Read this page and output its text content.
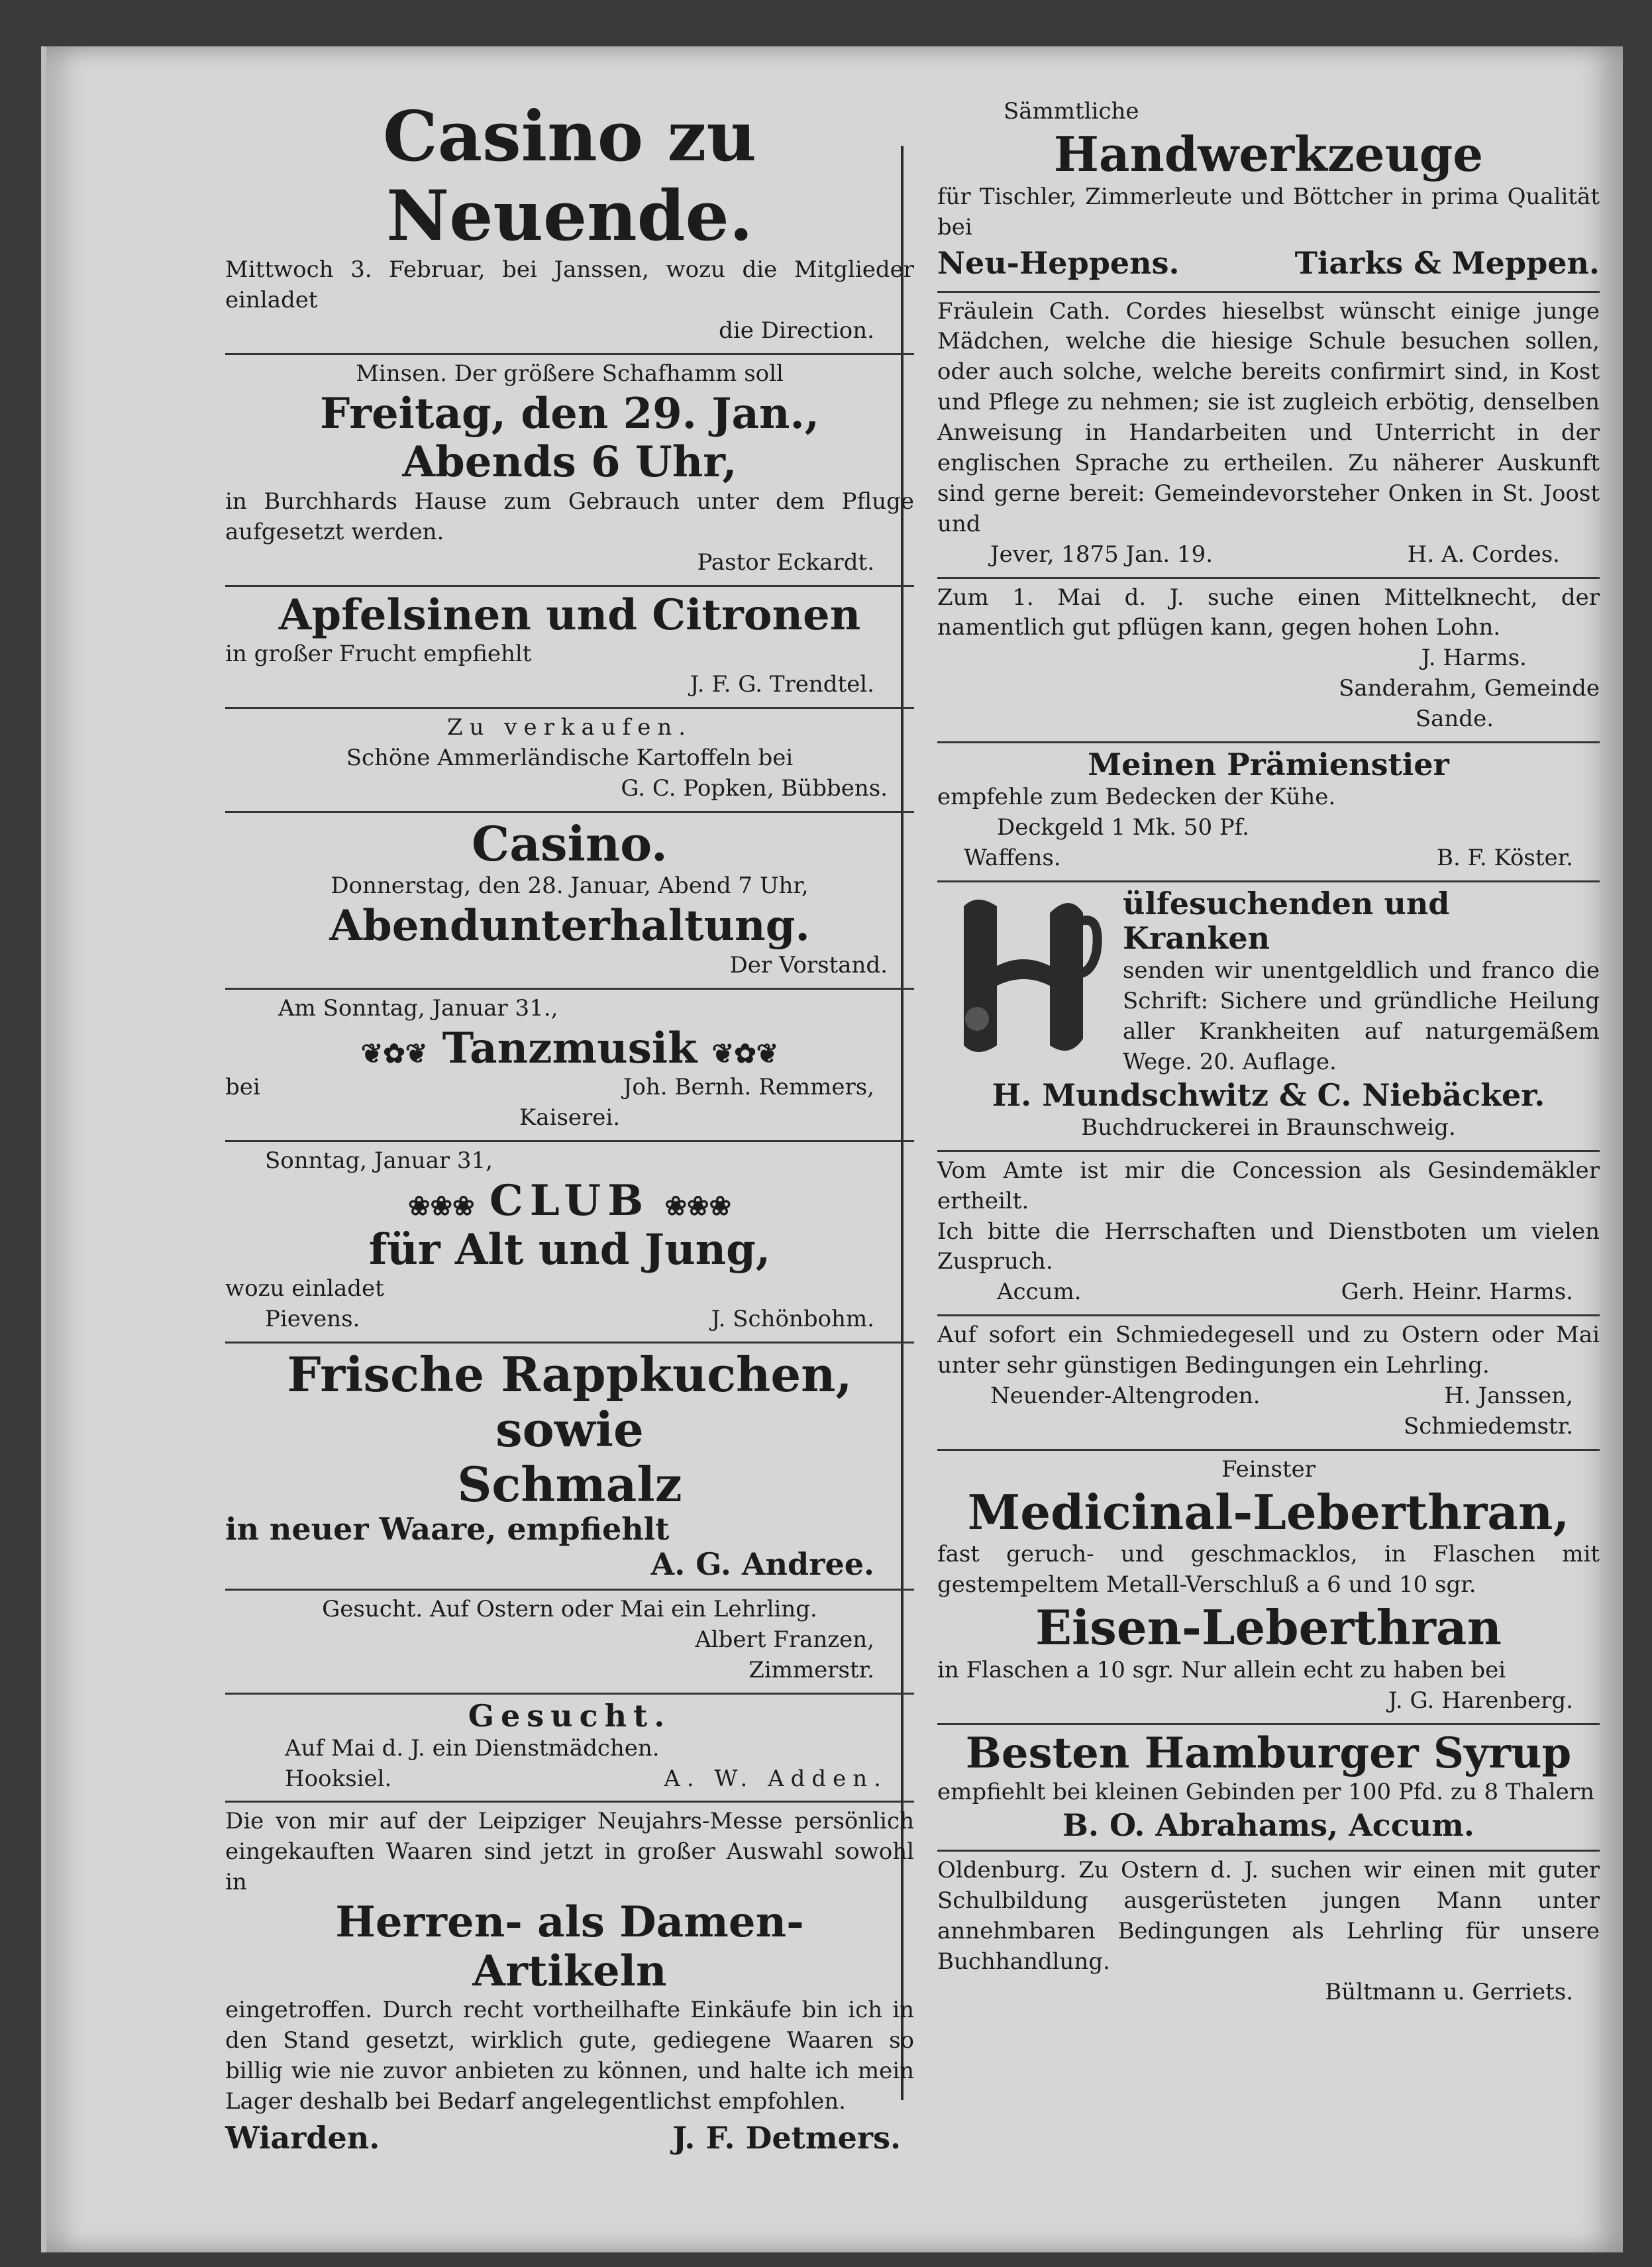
Casino zu Neuende.
Mittwoch 3. Februar, bei Janssen, wozu die Mitglieder einladet
die Direction.
Minsen. Der größere Schafhamm soll
Freitag, den 29. Jan.,
Abends 6 Uhr,
in Burchhards Hause zum Gebrauch unter dem Pfluge aufgesetzt werden.
Pastor Eckardt.
Apfelsinen und Citronen
in großer Frucht empfiehlt
J. F. G. Trendtel.
Zu verkaufen.
Schöne Ammerländische Kartoffeln bei
G. C. Popken, Bübbens.
Casino.
Donnerstag, den 28. Januar, Abend 7 Uhr,
Abendunterhaltung.
Der Vorstand.
Am Sonntag, Januar 31.,
❦✿❦ Tanzmusik ❦✿❦
bei	Joh. Bernh. Remmers,
Kaiserei.
Sonntag, Januar 31,
❀❀❀ CLUB ❀❀❀
für Alt und Jung,
wozu einladet
Pievens.	J. Schönbohm.
Frische Rappkuchen, sowie
Schmalz
in neuer Waare, empfiehlt
A. G. Andree.
Gesucht. Auf Ostern oder Mai ein Lehrling.
Albert Franzen,
Zimmerstr.
Gesucht.
Auf Mai d. J. ein Dienstmädchen.
Hooksiel.	A. W. Adden.
Die von mir auf der Leipziger Neujahrs-Messe persönlich eingekauften Waaren sind jetzt in großer Auswahl sowohl in
Herren- als Damen-
Artikeln
eingetroffen. Durch recht vortheilhafte Einkäufe bin ich in den Stand gesetzt, wirklich gute, gediegene Waaren so billig wie nie zuvor anbieten zu können, und halte ich mein Lager deshalb bei Bedarf angelegentlichst empfohlen.
Wiarden.	J. F. Detmers.
Sämmtliche
Handwerkzeuge
für Tischler, Zimmerleute und Böttcher in prima Qualität bei
Neu-Heppens.	Tiarks & Meppen.
Fräulein Cath. Cordes hieselbst wünscht einige junge Mädchen, welche die hiesige Schule besuchen sollen, oder auch solche, welche bereits confirmirt sind, in Kost und Pflege zu nehmen; sie ist zugleich erbötig, denselben Anweisung in Handarbeiten und Unterricht in der englischen Sprache zu ertheilen. Zu näherer Auskunft sind gerne bereit: Gemeindevorsteher Onken in St. Joost und
Jever, 1875 Jan. 19.	H. A. Cordes.
Zum 1. Mai d. J. suche einen Mittelknecht, der namentlich gut pflügen kann, gegen hohen Lohn.
J. Harms.
Sanderahm, Gemeinde
Sande.
Meinen Prämienstier
empfehle zum Bedecken der Kühe.
Deckgeld 1 Mk. 50 Pf.
Waffens.	B. F. Köster.
ülfesuchenden und Kranken
senden wir unentgeldlich und franco die Schrift: Sichere und gründliche Heilung aller Krankheiten auf naturgemäßem Wege. 20. Auflage.
H. Mundschwitz & C. Niebäcker.
Buchdruckerei in Braunschweig.
Vom Amte ist mir die Concession als Gesindemäkler ertheilt.
Ich bitte die Herrschaften und Dienstboten um vielen Zuspruch.
Accum.	Gerh. Heinr. Harms.
Auf sofort ein Schmiedegesell und zu Ostern oder Mai unter sehr günstigen Bedingungen ein Lehrling.
Neuender-Altengroden.	H. Janssen,
Schmiedemstr.
Feinster
Medicinal-Leberthran,
fast geruch- und geschmacklos, in Flaschen mit gestempeltem Metall-Verschluß a 6 und 10 sgr.
Eisen-Leberthran
in Flaschen a 10 sgr. Nur allein echt zu haben bei
J. G. Harenberg.
Besten Hamburger Syrup
empfiehlt bei kleinen Gebinden per 100 Pfd. zu 8 Thalern
B. O. Abrahams, Accum.
Oldenburg. Zu Ostern d. J. suchen wir einen mit guter Schulbildung ausgerüsteten jungen Mann unter annehmbaren Bedingungen als Lehrling für unsere Buchhandlung.
Bültmann u. Gerriets.
